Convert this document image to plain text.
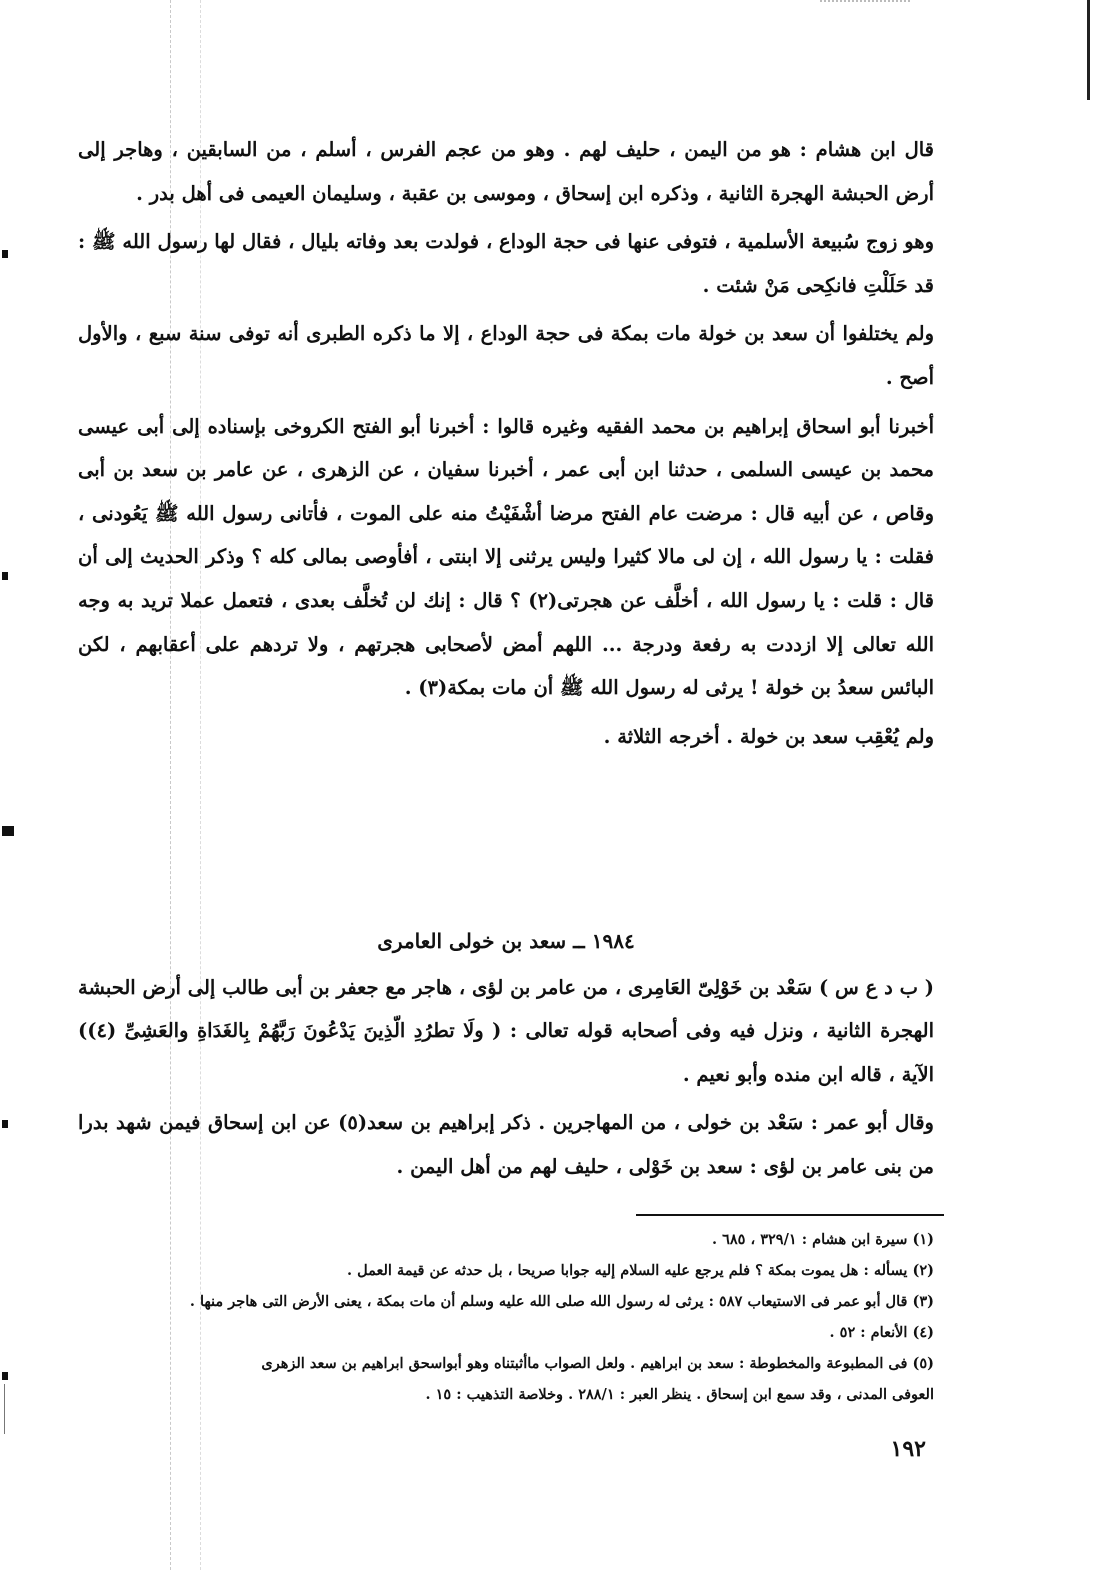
قال ابن هشام : هو من اليمن ، حليف لهم . وهو من عجم الفرس ، أسلم ، من السابقين ، وهاجر إلى أرض الحبشة الهجرة الثانية ، وذكره ابن إسحاق ، وموسى بن عقبة ، وسليمان العيمى فى أهل بدر .

وهو زوج سُبيعة الأسلمية ، فتوفى عنها فى حجة الوداع ، فولدت بعد وفاته بليال ، فقال لها رسول الله ﷺ : قد حَلَلْتِ فانكِحى مَنْ شئت .

ولم يختلفوا أن سعد بن خولة مات بمكة فى حجة الوداع ، إلا ما ذكره الطبرى أنه توفى سنة سبع ، والأول أصح .

أخبرنا أبو اسحاق إبراهيم بن محمد الفقيه وغيره قالوا : أخبرنا أبو الفتح الكروخى بإسناده إلى أبى عيسى محمد بن عيسى السلمى ، حدثنا ابن أبى عمر ، أخبرنا سفيان ، عن الزهرى ، عن عامر بن سعد بن أبى وقاص ، عن أبيه قال : مرضت عام الفتح مرضا أشْفَيْتُ منه على الموت ، فأتانى رسول الله ﷺ يَعُودنى ، فقلت : يا رسول الله ، إن لى مالا كثيرا وليس يرثنى إلا ابنتى ، أفأوصى بمالى كله ؟ وذكر الحديث إلى أن قال : قلت : يا رسول الله ، أخلَّف عن هجرتى(٢) ؟ قال : إنك لن تُخلَّف بعدى ، فتعمل عملا تريد به وجه الله تعالى إلا ازددت به رفعة ودرجة ... اللهم أمض لأصحابى هجرتهم ، ولا تردهم على أعقابهم ، لكن البائس سعدُ بن خولة ! يرثى له رسول الله ﷺ أن مات بمكة(٣) .

ولم يُعْقِب سعد بن خولة . أخرجه الثلاثة .

١٩٨٤ ــ سعد بن خولى العامرى

( ب د ع س ) سَعْد بن خَوْلِىّ العَامِرى ، من عامر بن لؤى ، هاجر مع جعفر بن أبى طالب إلى أرض الحبشة الهجرة الثانية ، ونزل فيه وفى أصحابه قوله تعالى : ( ولَا تطرُدِ الّذِينَ يَدْعُونَ رَبَّهُمْ بِالغَدَاةِ والعَشِىِّ (٤)) الآية ، قاله ابن منده وأبو نعيم .

وقال أبو عمر : سَعْد بن خولى ، من المهاجرين . ذكر إبراهيم بن سعد(٥) عن ابن إسحاق فيمن شهد بدرا من بنى عامر بن لؤى : سعد بن خَوْلى ، حليف لهم من أهل اليمن .

(١) سيرة ابن هشام : ٣٢٩/١ ، ٦٨٥ .

(٢) يسأله : هل يموت بمكة ؟ فلم يرجع عليه السلام إليه جوابا صريحا ، بل حدثه عن قيمة العمل .

(٣) قال أبو عمر فى الاستيعاب ٥٨٧ : يرثى له رسول الله صلى الله عليه وسلم أن مات بمكة ، يعنى الأرض التى هاجر منها .

(٤) الأنعام : ٥٢ .

(٥) فى المطبوعة والمخطوطة : سعد بن ابراهيم . ولعل الصواب ماأثبتناه وهو أبواسحق ابراهيم بن سعد الزهرى

العوفى المدنى ، وقد سمع ابن إسحاق . ينظر العبر : ٢٨٨/١ . وخلاصة التذهيب : ١٥ .

١٩٢
